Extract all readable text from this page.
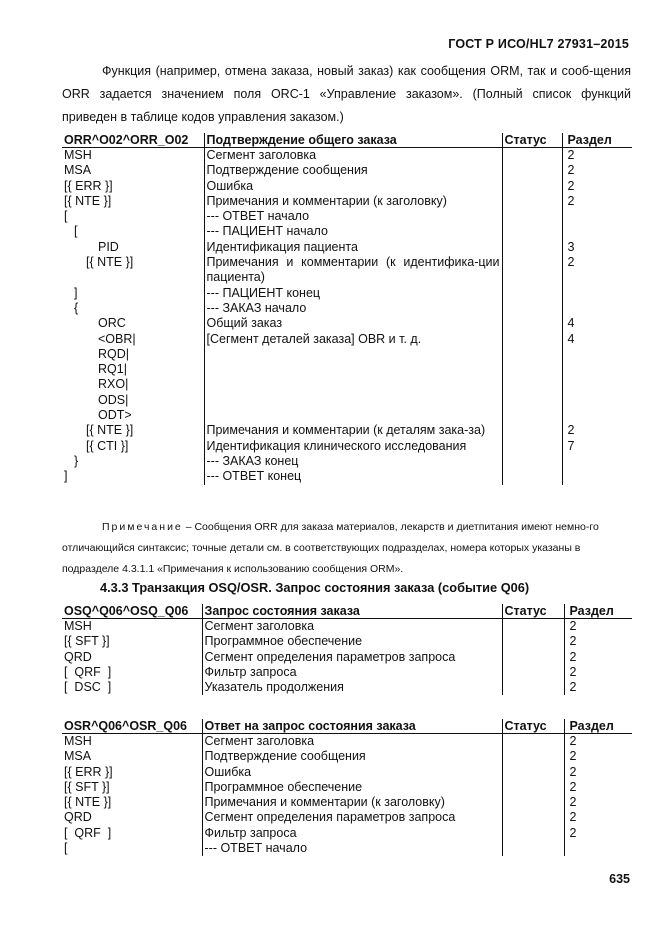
ГОСТ Р ИСО/HL7 27931–2015

Функция (например, отмена заказа, новый заказ) как сообщения ORM, так и сооб-щения ORR задается значением поля ORC-1 «Управление заказом». (Полный список функций приведен в таблице кодов управления заказом.)

ORR^O02^ORR_O02	Подтверждение общего заказа	Статус	Раздел
MSH	Сегмент заголовка		2
MSA	Подтверждение сообщения		2
[{ ERR }]	Ошибка		2
[{ NTE }]	Примечания и комментарии (к заголовку)		2
[	--- ОТВЕТ начало		
[	--- ПАЦИЕНТ начало		
PID	Идентификация пациента		3
[{ NTE }]	Примечания и комментарии (к идентифика-ции пациента)		2
]	--- ПАЦИЕНТ конец		
{	--- ЗАКАЗ начало		
ORC	Общий заказ		4
<OBR|	[Сегмент деталей заказа] OBR и т. д.		4
RQD|			
RQ1|			
RXO|			
ODS|			
ODT>			

[{ NTE }]	Примечания и комментарии (к деталям зака-за)		2
[{ CTI }]	Идентификация клинического исследования		7
}	--- ЗАКАЗ конец		
]	--- ОТВЕТ конец		
Примечание – Сообщения ORR для заказа материалов, лекарств и диетпитания имеют немно-го отличающийся синтаксис; точные детали см. в соответствующих подразделах, номера которых указаны в подразделе 4.3.1.1 «Примечания к использованию сообщения ORM».
4.3.3 Транзакция OSQ/OSR. Запрос состояния заказа (событие Q06)
OSQ^Q06^OSQ_Q06	Запрос состояния заказа	Статус	Раздел
MSH	Сегмент заголовка		2
[{ SFT }]	Программное обеспечение		2
QRD	Сегмент определения параметров запроса		2
[  QRF  ]	Фильтр запроса		2
[  DSC  ]	Указатель продолжения		2
OSR^Q06^OSR_Q06	Ответ на запрос состояния заказа	Статус	Раздел
MSH	Сегмент заголовка		2
MSA	Подтверждение сообщения		2
[{ ERR }]	Ошибка		2
[{ SFT }]	Программное обеспечение		2
[{ NTE }]	Примечания и комментарии (к заголовку)		2
QRD	Сегмент определения параметров запроса		2
[  QRF  ]	Фильтр запроса		2
[	--- ОТВЕТ начало		
635
